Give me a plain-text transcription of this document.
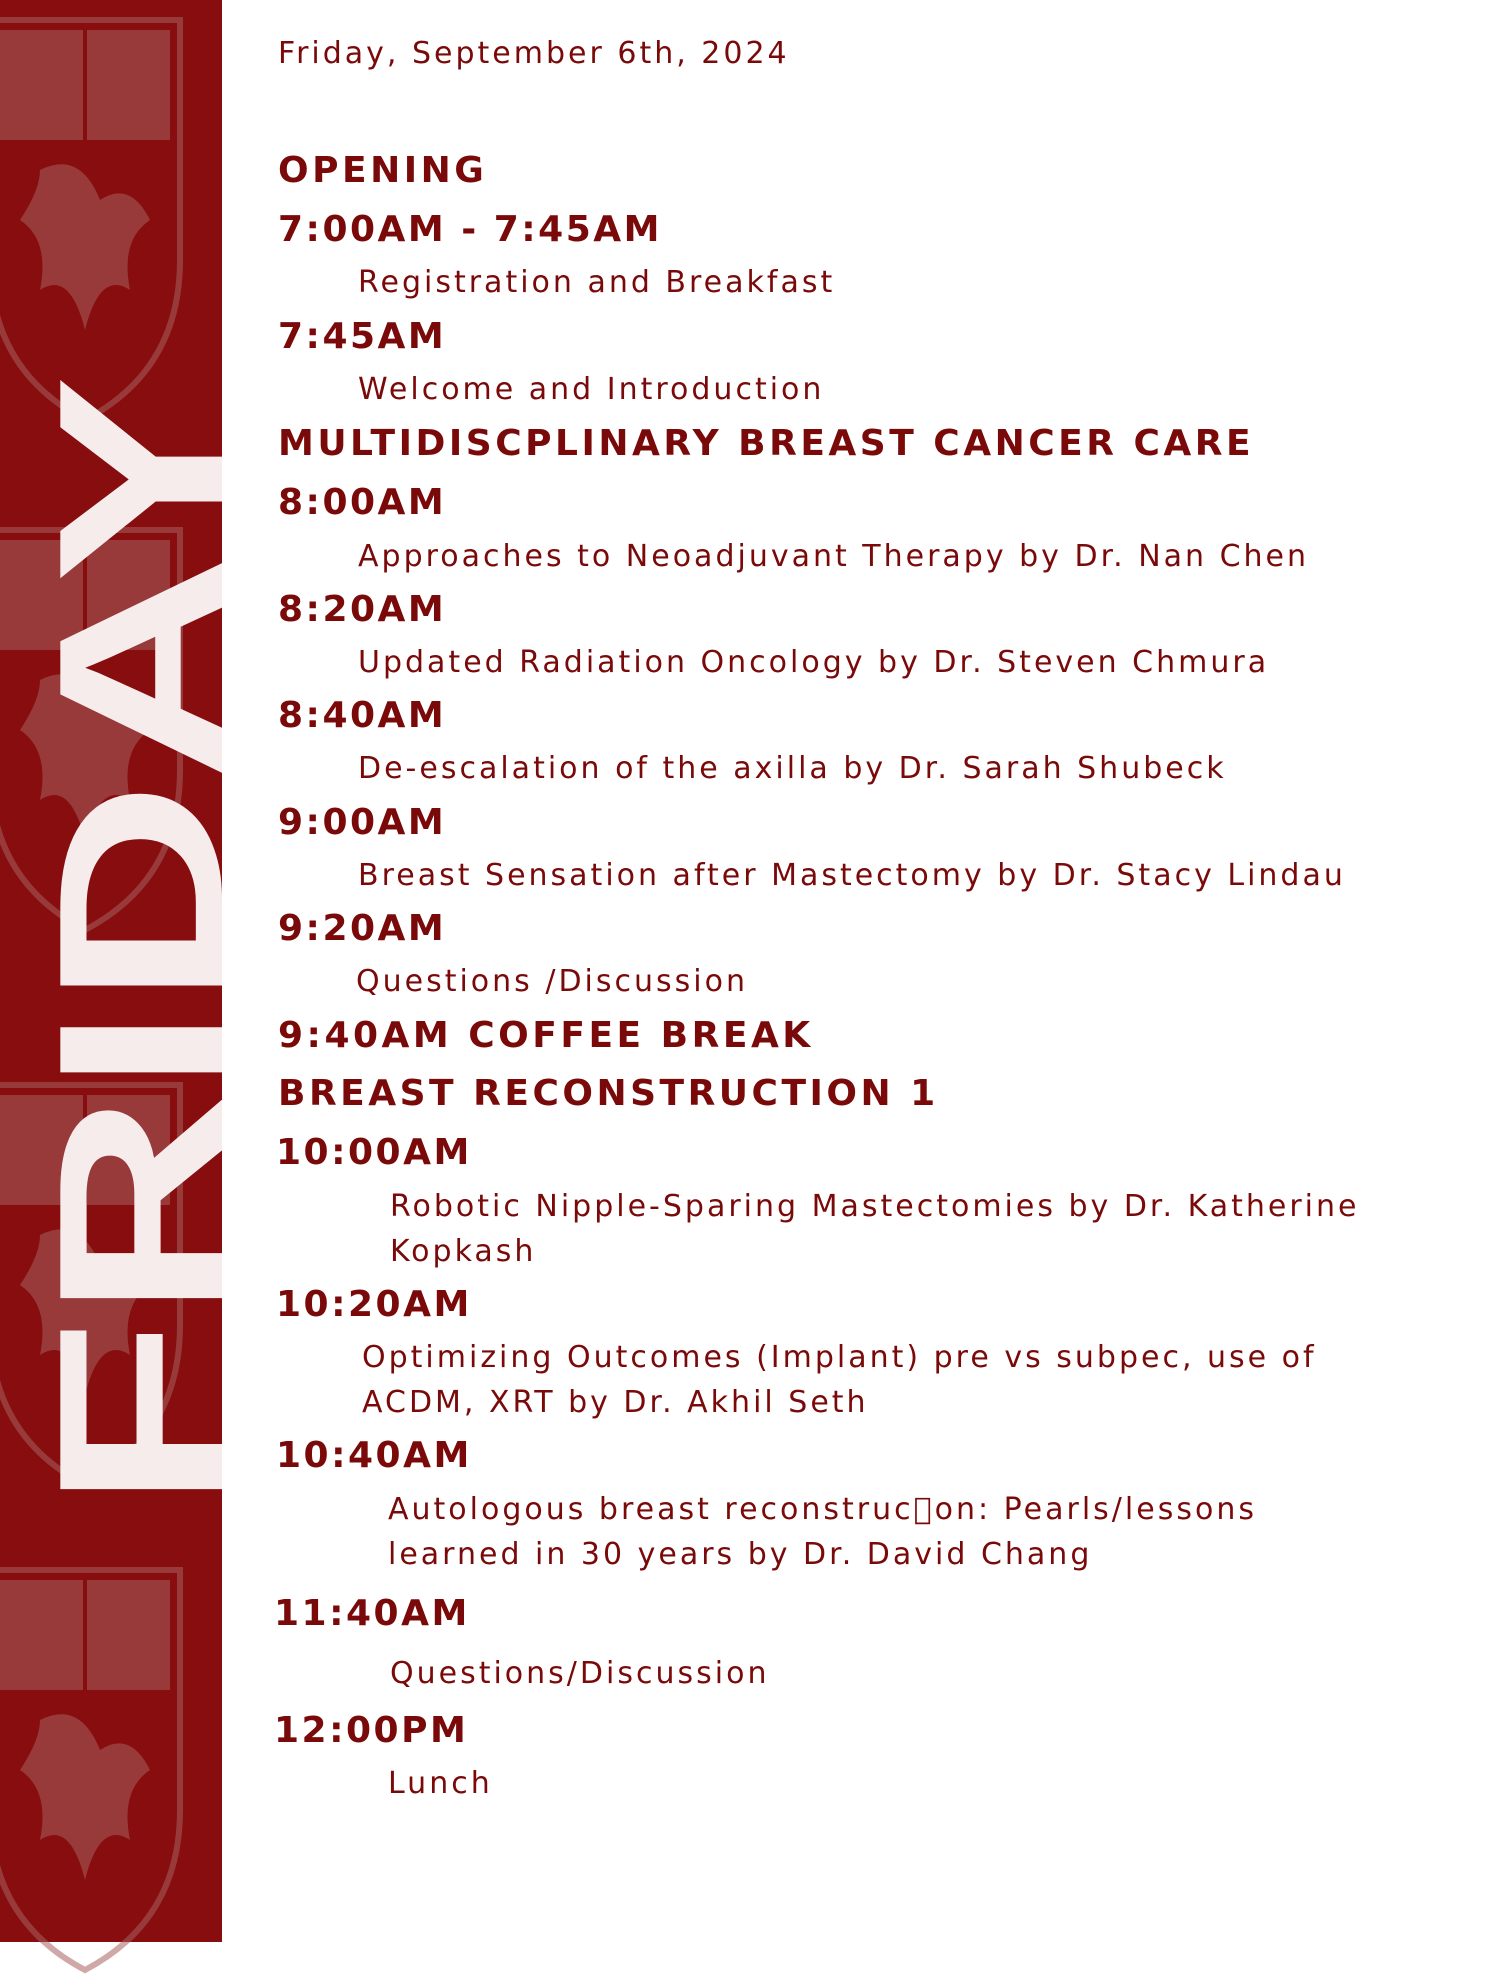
FRIDAY
Friday, September 6th, 2024
OPENING
7:00AM - 7:45AM
Registration and Breakfast
7:45AM
Welcome and Introduction
MULTIDISCPLINARY BREAST CANCER CARE
8:00AM
Approaches to Neoadjuvant Therapy by Dr. Nan Chen
8:20AM
Updated Radiation Oncology by Dr. Steven Chmura
8:40AM
De-escalation of the axilla by Dr. Sarah Shubeck
9:00AM
Breast Sensation after Mastectomy by Dr. Stacy Lindau
9:20AM
Questions /Discussion
9:40AM COFFEE BREAK
BREAST RECONSTRUCTION 1
10:00AM
Robotic Nipple-Sparing Mastectomies by Dr. Katherine
Kopkash
10:20AM
Optimizing Outcomes (Implant) pre vs subpec, use of
ACDM, XRT by Dr. Akhil Seth
10:40AM
Autologous breast reconstruc on: Pearls/lessons
learned in 30 years by Dr. David Chang
11:40AM
Questions/Discussion
12:00PM
Lunch
